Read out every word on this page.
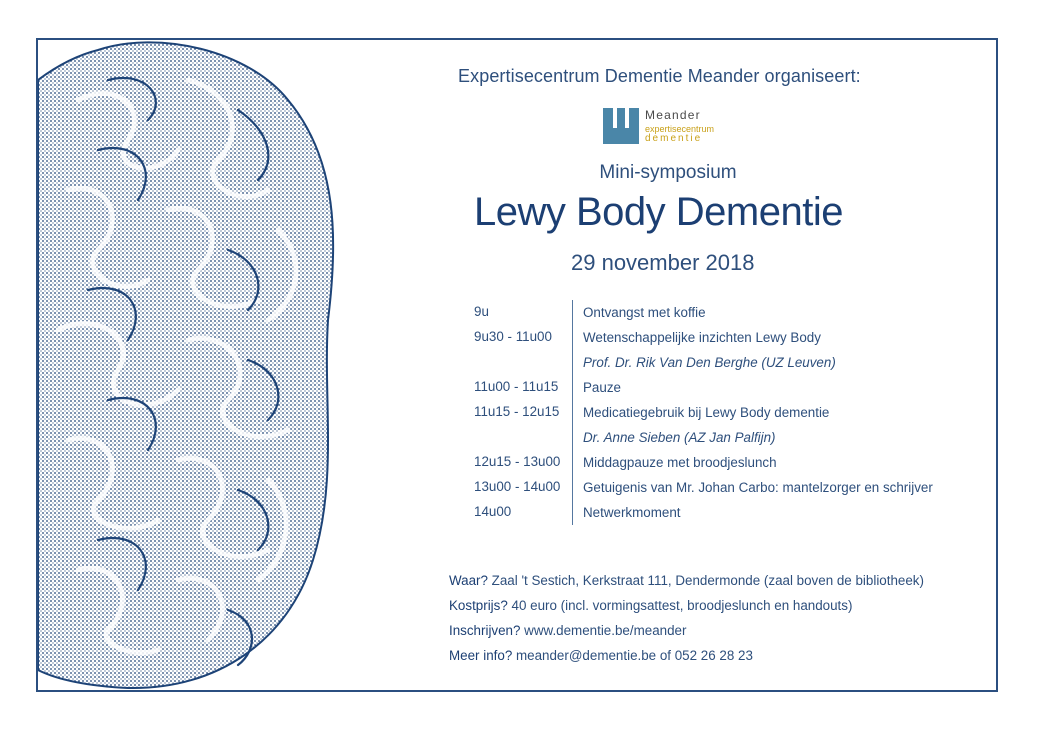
Expertisecentrum Dementie Meander organiseert:
Meander
expertisecentrum
dementie
Mini-symposium
Lewy Body Dementie
29 november 2018
9u	Ontvangst met koffie
9u30 - 11u00	Wetenschappelijke inzichten Lewy Body
Prof. Dr. Rik Van Den Berghe (UZ Leuven)
11u00 - 11u15	Pauze
11u15 - 12u15	Medicatiegebruik bij Lewy Body dementie
Dr. Anne Sieben (AZ Jan Palfijn)
12u15 - 13u00	Middagpauze met broodjeslunch
13u00 - 14u00	Getuigenis van Mr. Johan Carbo: mantelzorger en schrijver
14u00	Netwerkmoment
Waar? Zaal 't Sestich, Kerkstraat 111, Dendermonde (zaal boven de bibliotheek)
Kostprijs? 40 euro (incl. vormingsattest, broodjeslunch en handouts)
Inschrijven? www.dementie.be/meander
Meer info? meander@dementie.be of 052 26 28 23
